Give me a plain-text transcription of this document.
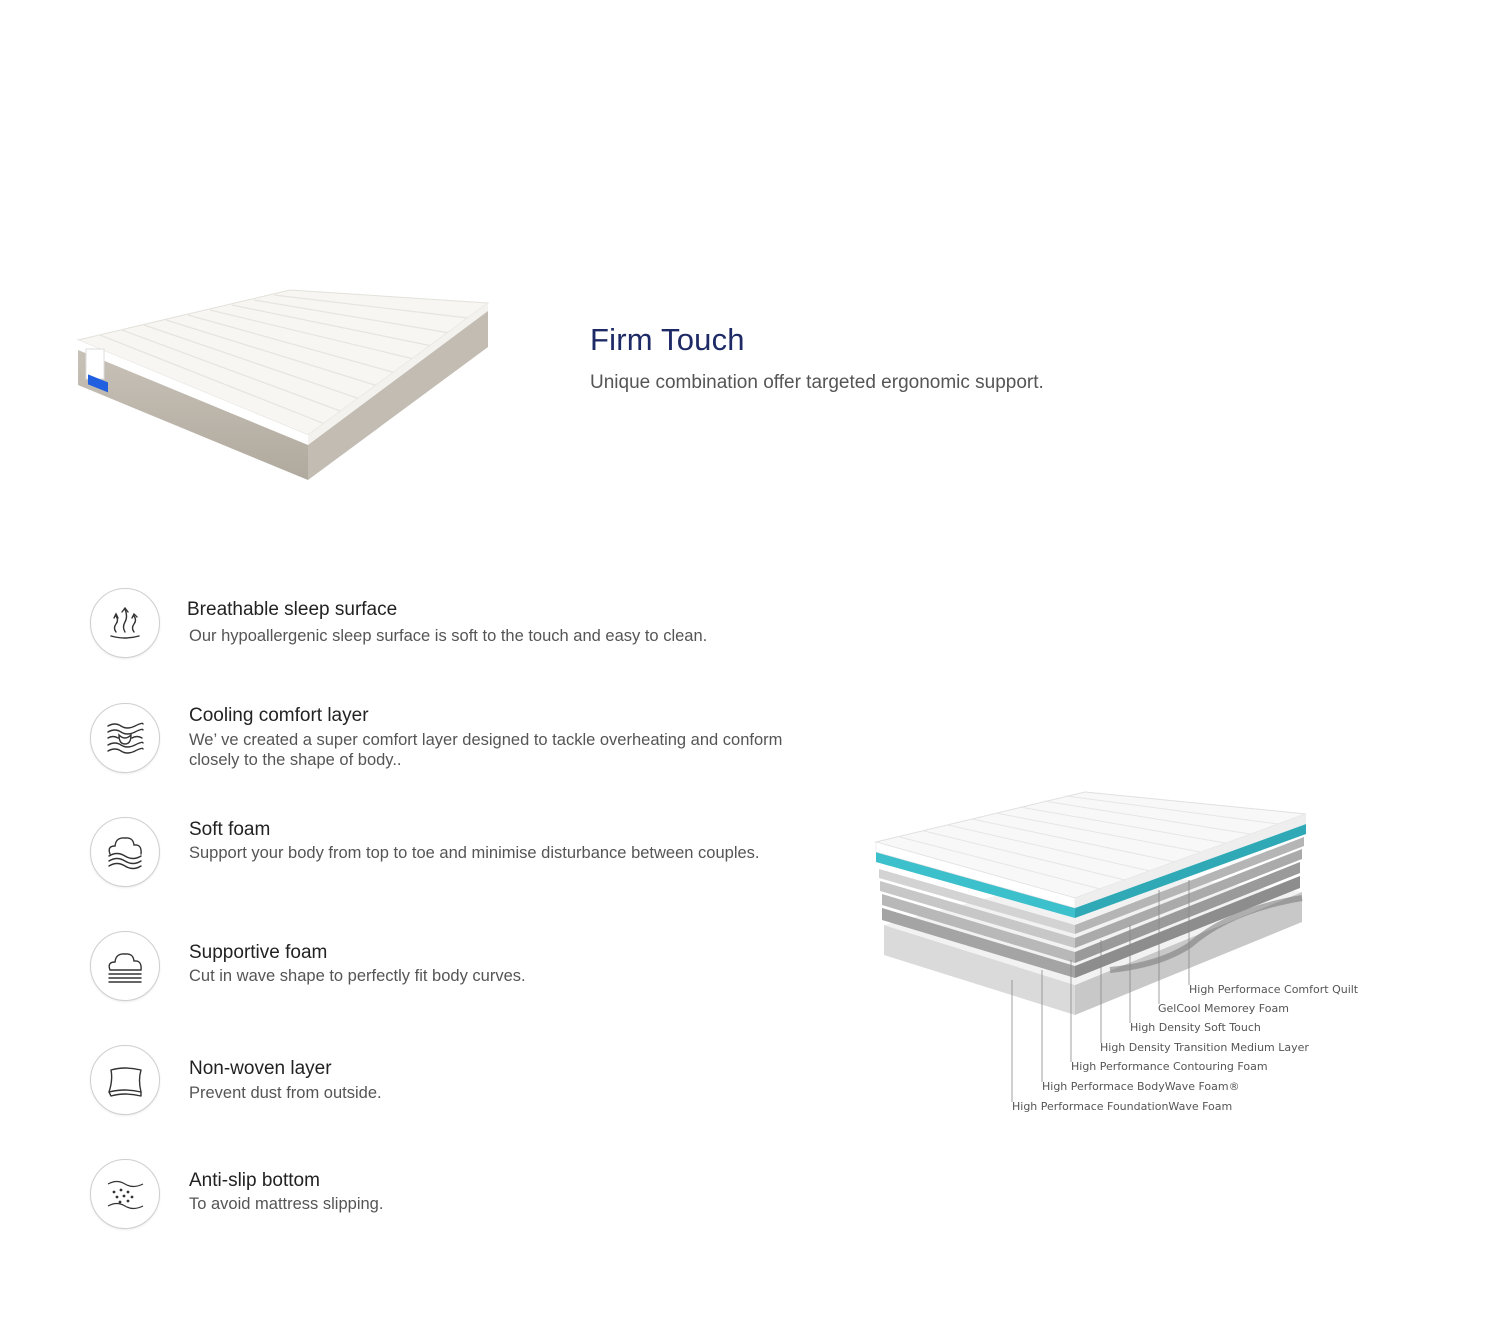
Firm Touch
Unique combination offer targeted ergonomic support.
Breathable sleep surface
Our hypoallergenic sleep surface is soft to the touch and easy to clean.
Cooling comfort layer
We’ ve created a super comfort layer designed to tackle overheating and conform closely to the shape of body..
Soft foam
Support your body from top to toe and minimise disturbance between couples.
Supportive foam
Cut in wave shape to perfectly fit body curves.
Non-woven layer
Prevent dust from outside.
Anti-slip bottom
To avoid mattress slipping.
High Performace Comfort Quilt
GelCool Memorey Foam
High Density Soft Touch
High Density Transition Medium Layer
High Performance Contouring Foam
High Performace BodyWave Foam®
High Performace FoundationWave Foam
